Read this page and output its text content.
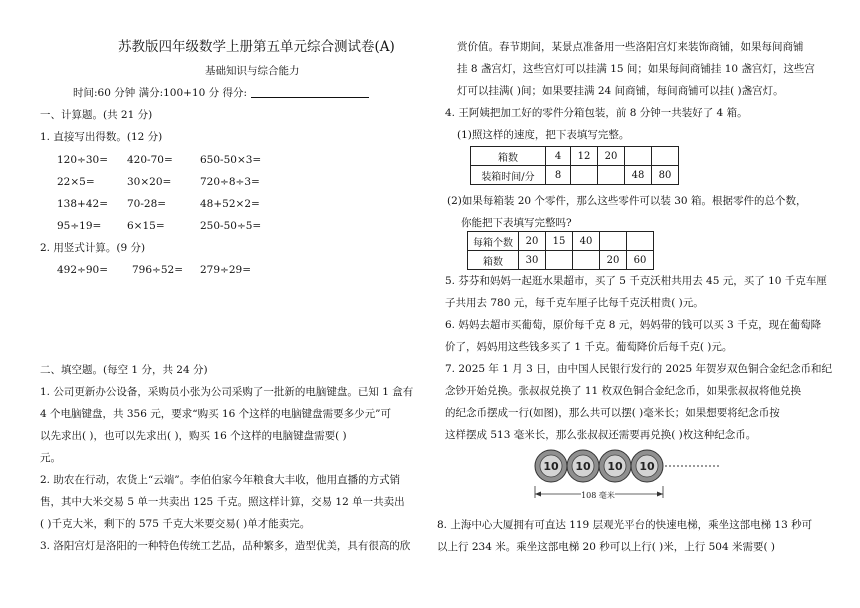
苏教版四年级数学上册第五单元综合测试卷(A)
基础知识与综合能力
时间:60 分钟 满分:100+10 分 得分:
一、计算题。(共 21 分)
1. 直接写出得数。(12 分)
120÷30= 420-70=	650-50×3=
22×5=	30×20=	720÷8÷3=
138+42= 70-28=	48+52×2=
95÷19= 6×15=	250-50÷5=
2. 用竖式计算。(9 分)
492÷90= 796÷52= 279÷29=
二、填空题。(每空 1 分，共 24 分)
1. 公司更新办公设备，采购员小张为公司采购了一批新的电脑键盘。已知 1 盒有
4 个电脑键盘，共 356 元，要求“购买 16 个这样的电脑键盘需要多少元”可
以先求出( )，也可以先求出( )，购买 16 个这样的电脑键盘需要( )
元。
2. 助农在行动，农货上“云端”。李伯伯家今年粮食大丰收，他用直播的方式销
售，其中大米交易 5 单一共卖出 125 千克。照这样计算，交易 12 单一共卖出
( )千克大米，剩下的 575 千克大米要交易( )单才能卖完。
3. 洛阳宫灯是洛阳的一种特色传统工艺品，品种繁多，造型优美，具有很高的欣
赏价值。春节期间，某景点准备用一些洛阳宫灯来装饰商铺，如果每间商铺
挂 8 盏宫灯，这些宫灯可以挂满 15 间；如果每间商铺挂 10 盏宫灯，这些宫
灯可以挂满( )间；如果要挂满 24 间商铺，每间商铺可以挂( )盏宫灯。
4. 王阿姨把加工好的零件分箱包装，前 8 分钟一共装好了 4 箱。
(1)照这样的速度，把下表填写完整。
箱数	4	12	20		
装箱时间/分	8			48	80
(2)如果每箱装 20 个零件，那么这些零件可以装 30 箱。根据零件的总个数，
你能把下表填写完整吗?
每箱个数	20	15	40		
箱数	30			20	60
5. 芬芬和妈妈一起逛水果超市，买了 5 千克沃柑共用去 45 元，买了 10 千克车厘
子共用去 780 元，每千克车厘子比每千克沃柑贵( )元。
6. 妈妈去超市买葡萄，原价每千克 8 元，妈妈带的钱可以买 3 千克，现在葡萄降
价了，妈妈用这些钱多买了 1 千克。葡萄降价后每千克( )元。
7. 2025 年 1 月 3 日，由中国人民银行发行的 2025 年贺岁双色铜合金纪念币和纪
念钞开始兑换。张叔叔兑换了 11 枚双色铜合金纪念币，如果张叔叔将他兑换
的纪念币摆成一行(如图)，那么共可以摆( )毫米长；如果想要将纪念币按
这样摆成 513 毫米长，那么张叔叔还需要再兑换( )枚这种纪念币。
10 10 10 10
108 毫米
8. 上海中心大厦拥有可直达 119 层观光平台的快速电梯，乘坐这部电梯 13 秒可
以上行 234 米。乘坐这部电梯 20 秒可以上行( )米，上行 504 米需要( )
